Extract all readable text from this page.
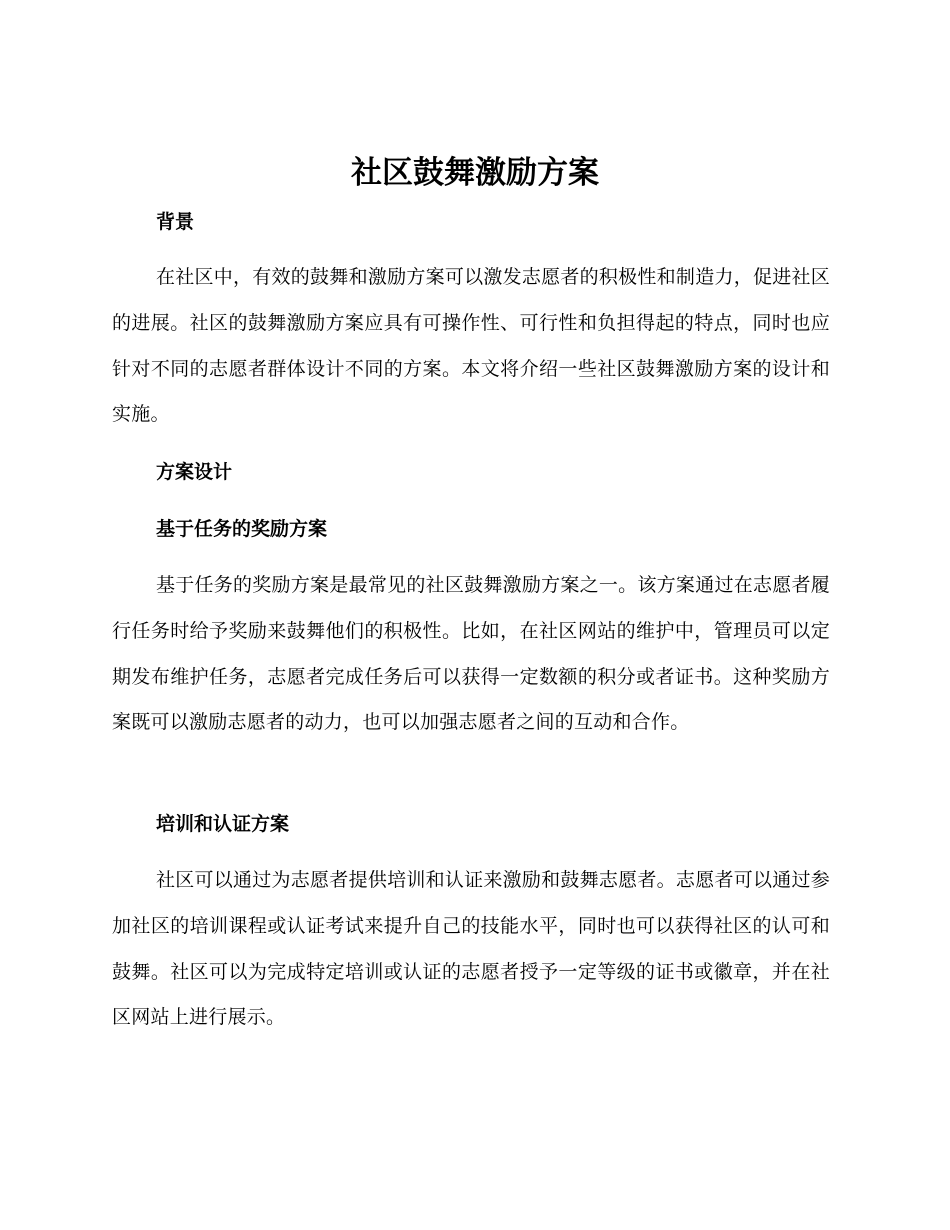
社区鼓舞激励方案
背景

在社区中，有效的鼓舞和激励方案可以激发志愿者的积极性和制造力，促进社区的进展。社区的鼓舞激励方案应具有可操作性、可行性和负担得起的特点，同时也应针对不同的志愿者群体设计不同的方案。本文将介绍一些社区鼓舞激励方案的设计和实施。

方案设计
基于任务的奖励方案

基于任务的奖励方案是最常见的社区鼓舞激励方案之一。该方案通过在志愿者履行任务时给予奖励来鼓舞他们的积极性。比如，在社区网站的维护中，管理员可以定期发布维护任务，志愿者完成任务后可以获得一定数额的积分或者证书。这种奖励方案既可以激励志愿者的动力，也可以加强志愿者之间的互动和合作。

培训和认证方案

社区可以通过为志愿者提供培训和认证来激励和鼓舞志愿者。志愿者可以通过参加社区的培训课程或认证考试来提升自己的技能水平，同时也可以获得社区的认可和鼓舞。社区可以为完成特定培训或认证的志愿者授予一定等级的证书或徽章，并在社区网站上进行展示。
